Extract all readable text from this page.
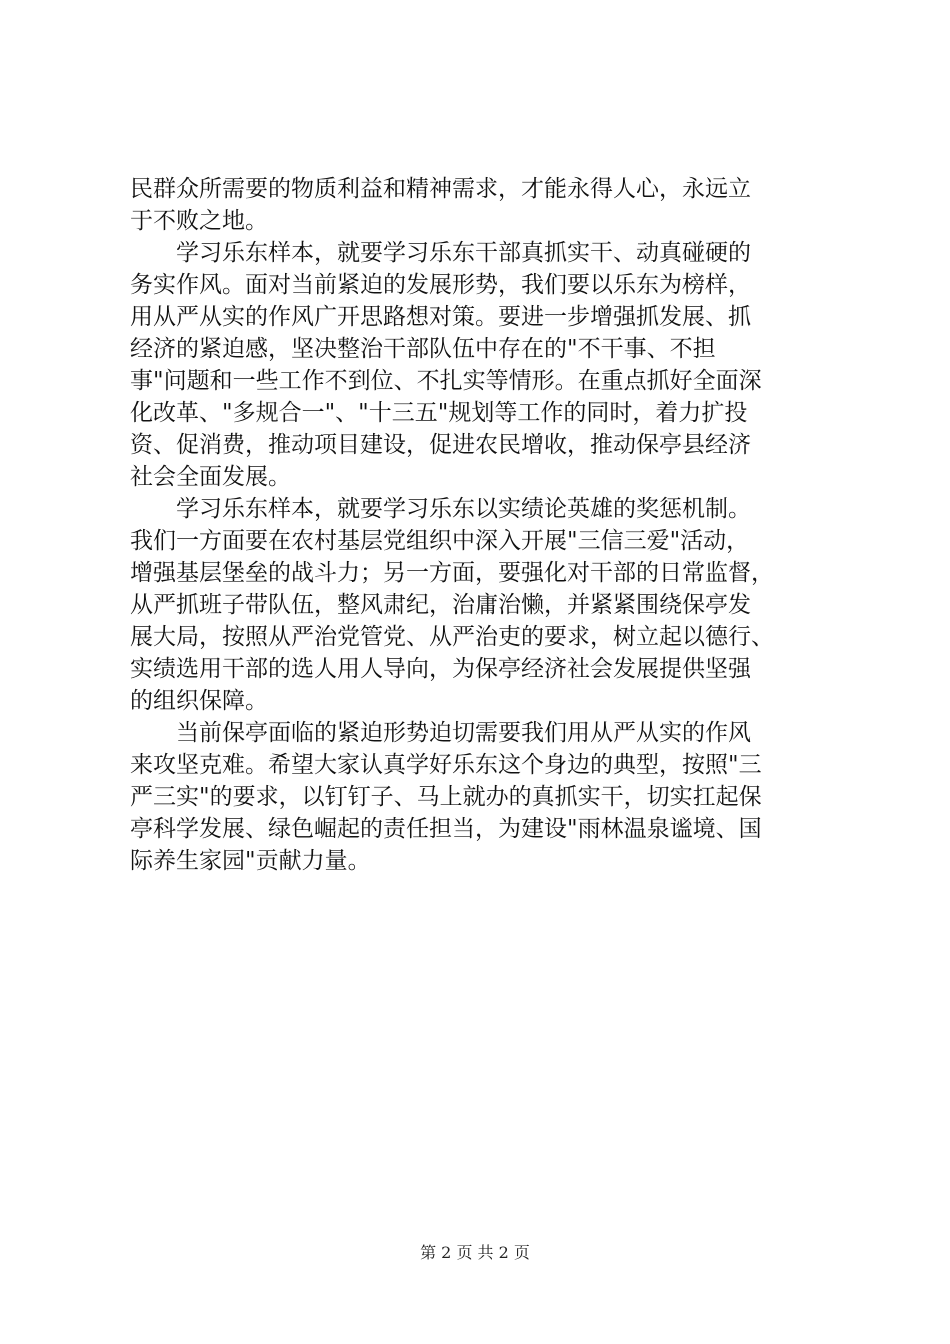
民群众所需要的物质利益和精神需求，才能永得人心，永远立
于不败之地。
　　学习乐东样本，就要学习乐东干部真抓实干、动真碰硬的
务实作风。面对当前紧迫的发展形势，我们要以乐东为榜样，
用从严从实的作风广开思路想对策。要进一步增强抓发展、抓
经济的紧迫感，坚决整治干部队伍中存在的"不干事、不担
事"问题和一些工作不到位、不扎实等情形。在重点抓好全面深
化改革、"多规合一"、"十三五"规划等工作的同时，着力扩投
资、促消费，推动项目建设，促进农民增收，推动保亭县经济
社会全面发展。
　　学习乐东样本，就要学习乐东以实绩论英雄的奖惩机制。
我们一方面要在农村基层党组织中深入开展"三信三爱"活动，
增强基层堡垒的战斗力；另一方面，要强化对干部的日常监督，
从严抓班子带队伍，整风肃纪，治庸治懒，并紧紧围绕保亭发
展大局，按照从严治党管党、从严治吏的要求，树立起以德行、
实绩选用干部的选人用人导向，为保亭经济社会发展提供坚强
的组织保障。
　　当前保亭面临的紧迫形势迫切需要我们用从严从实的作风
来攻坚克难。希望大家认真学好乐东这个身边的典型，按照"三
严三实"的要求，以钉钉子、马上就办的真抓实干，切实扛起保
亭科学发展、绿色崛起的责任担当，为建设"雨林温泉谧境、国
际养生家园"贡献力量。
第 2 页 共 2 页
